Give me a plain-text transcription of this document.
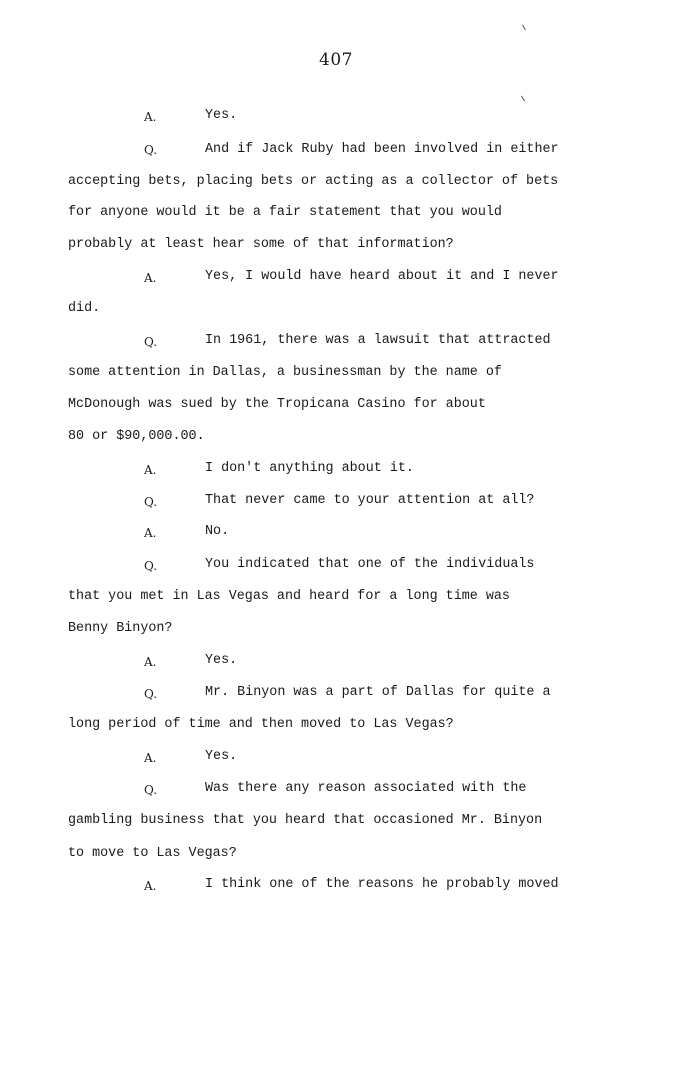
407
A.	Yes.
Q.	And if Jack Ruby had been involved in either
accepting bets, placing bets or acting as a collector of bets
for anyone would it be a fair statement that you would
probably at least hear some of that information?
A.	Yes, I would have heard about it and I never
did.
Q.	In 1961, there was a lawsuit that attracted
some attention in Dallas, a businessman by the name of
McDonough was sued by the Tropicana Casino for about
80 or $90,000.00.
A.	I don't anything about it.
Q.	That never came to your attention at all?
A.	No.
Q.	You indicated that one of the individuals
that you met in Las Vegas and heard for a long time was
Benny Binyon?
A.	Yes.
Q.	Mr. Binyon was a part of Dallas for quite a
long period of time and then moved to Las Vegas?
A.	Yes.
Q.	Was there any reason associated with the
gambling business that you heard that occasioned Mr. Binyon
to move to Las Vegas?
A.	I think one of the reasons he probably moved
